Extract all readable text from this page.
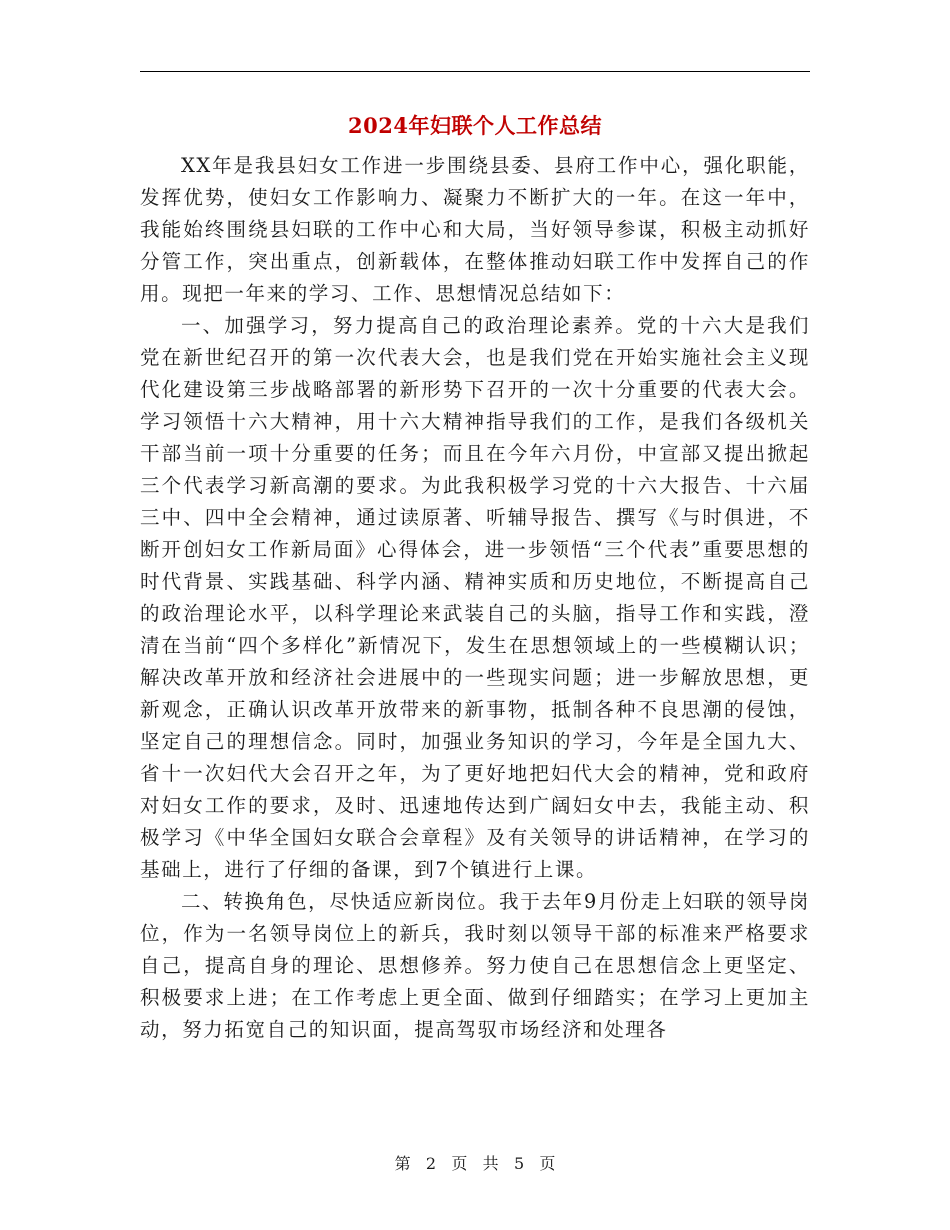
2024年妇联个人工作总结

XX年是我县妇女工作进一步围绕县委、县府工作中心，强化职能，发挥优势，使妇女工作影响力、凝聚力不断扩大的一年。在这一年中，我能始终围绕县妇联的工作中心和大局，当好领导参谋，积极主动抓好分管工作，突出重点，创新载体，在整体推动妇联工作中发挥自己的作用。现把一年来的学习、工作、思想情况总结如下：

一、加强学习，努力提高自己的政治理论素养。党的十六大是我们党在新世纪召开的第一次代表大会，也是我们党在开始实施社会主义现代化建设第三步战略部署的新形势下召开的一次十分重要的代表大会。学习领悟十六大精神，用十六大精神指导我们的工作，是我们各级机关干部当前一项十分重要的任务；而且在今年六月份，中宣部又提出掀起三个代表学习新高潮的要求。为此我积极学习党的十六大报告、十六届三中、四中全会精神，通过读原著、听辅导报告、撰写《与时俱进，不断开创妇女工作新局面》心得体会，进一步领悟“三个代表”重要思想的时代背景、实践基础、科学内涵、精神实质和历史地位，不断提高自己的政治理论水平，以科学理论来武装自己的头脑，指导工作和实践，澄清在当前“四个多样化”新情况下，发生在思想领域上的一些模糊认识；解决改革开放和经济社会进展中的一些现实问题；进一步解放思想，更新观念，正确认识改革开放带来的新事物，抵制各种不良思潮的侵蚀，坚定自己的理想信念。同时，加强业务知识的学习，今年是全国九大、省十一次妇代大会召开之年，为了更好地把妇代大会的精神，党和政府对妇女工作的要求，及时、迅速地传达到广阔妇女中去，我能主动、积极学习《中华全国妇女联合会章程》及有关领导的讲话精神，在学习的基础上，进行了仔细的备课，到7个镇进行上课。

二、转换角色，尽快适应新岗位。我于去年9月份走上妇联的领导岗位，作为一名领导岗位上的新兵，我时刻以领导干部的标准来严格要求自己，提高自身的理论、思想修养。努力使自己在思想信念上更坚定、积极要求上进；在工作考虑上更全面、做到仔细踏实；在学习上更加主动，努力拓宽自己的知识面，提高驾驭市场经济和处理各

第 2 页 共 5 页
